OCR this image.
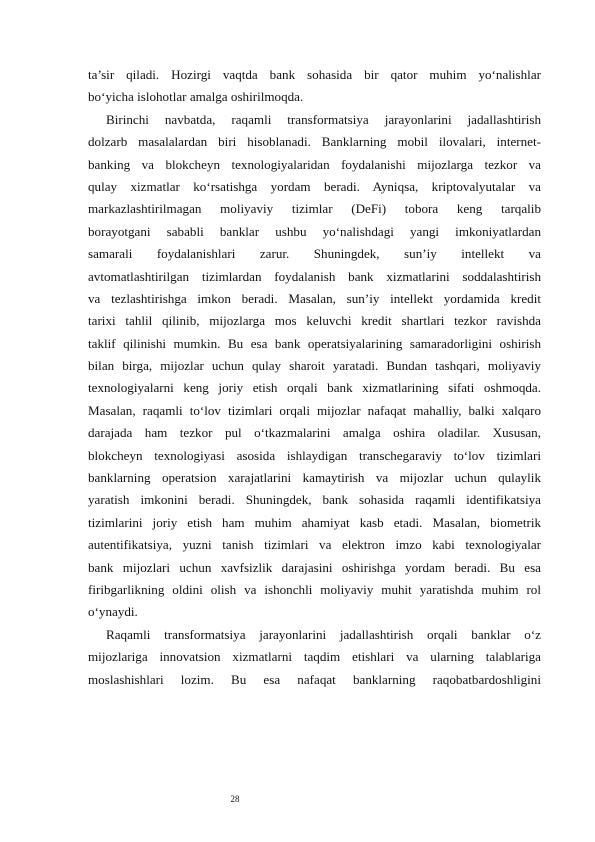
ta’sir qiladi. Hozirgi vaqtda bank sohasida bir qator muhim yo‘nalishlar
bo‘yicha islohotlar amalga oshirilmoqda.
Birinchi navbatda, raqamli transformatsiya jarayonlarini jadallashtirish
dolzarb masalalardan biri hisoblanadi. Banklarning mobil ilovalari, internet-
banking va blokcheyn texnologiyalaridan foydalanishi mijozlarga tezkor va
qulay xizmatlar ko‘rsatishga yordam beradi. Ayniqsa, kriptovalyutalar va
markazlashtirilmagan moliyaviy tizimlar (DeFi) tobora keng tarqalib
borayotgani sababli banklar ushbu yo‘nalishdagi yangi imkoniyatlardan
samarali foydalanishlari zarur. Shuningdek, sun’iy intellekt va
avtomatlashtirilgan tizimlardan foydalanish bank xizmatlarini soddalashtirish
va tezlashtirishga imkon beradi. Masalan, sun’iy intellekt yordamida kredit
tarixi tahlil qilinib, mijozlarga mos keluvchi kredit shartlari tezkor ravishda
taklif qilinishi mumkin. Bu esa bank operatsiyalarining samaradorligini oshirish
bilan birga, mijozlar uchun qulay sharoit yaratadi. Bundan tashqari, moliyaviy
texnologiyalarni keng joriy etish orqali bank xizmatlarining sifati oshmoqda.
Masalan, raqamli to‘lov tizimlari orqali mijozlar nafaqat mahalliy, balki xalqaro
darajada ham tezkor pul o‘tkazmalarini amalga oshira oladilar. Xususan,
blokcheyn texnologiyasi asosida ishlaydigan transchegaraviy to‘lov tizimlari
banklarning operatsion xarajatlarini kamaytirish va mijozlar uchun qulaylik
yaratish imkonini beradi. Shuningdek, bank sohasida raqamli identifikatsiya
tizimlarini joriy etish ham muhim ahamiyat kasb etadi. Masalan, biometrik
autentifikatsiya, yuzni tanish tizimlari va elektron imzo kabi texnologiyalar
bank mijozlari uchun xavfsizlik darajasini oshirishga yordam beradi. Bu esa
firibgarlikning oldini olish va ishonchli moliyaviy muhit yaratishda muhim rol
o‘ynaydi.
Raqamli transformatsiya jarayonlarini jadallashtirish orqali banklar o‘z
mijozlariga innovatsion xizmatlarni taqdim etishlari va ularning talablariga
moslashishlari lozim. Bu esa nafaqat banklarning raqobatbardoshligini
28
